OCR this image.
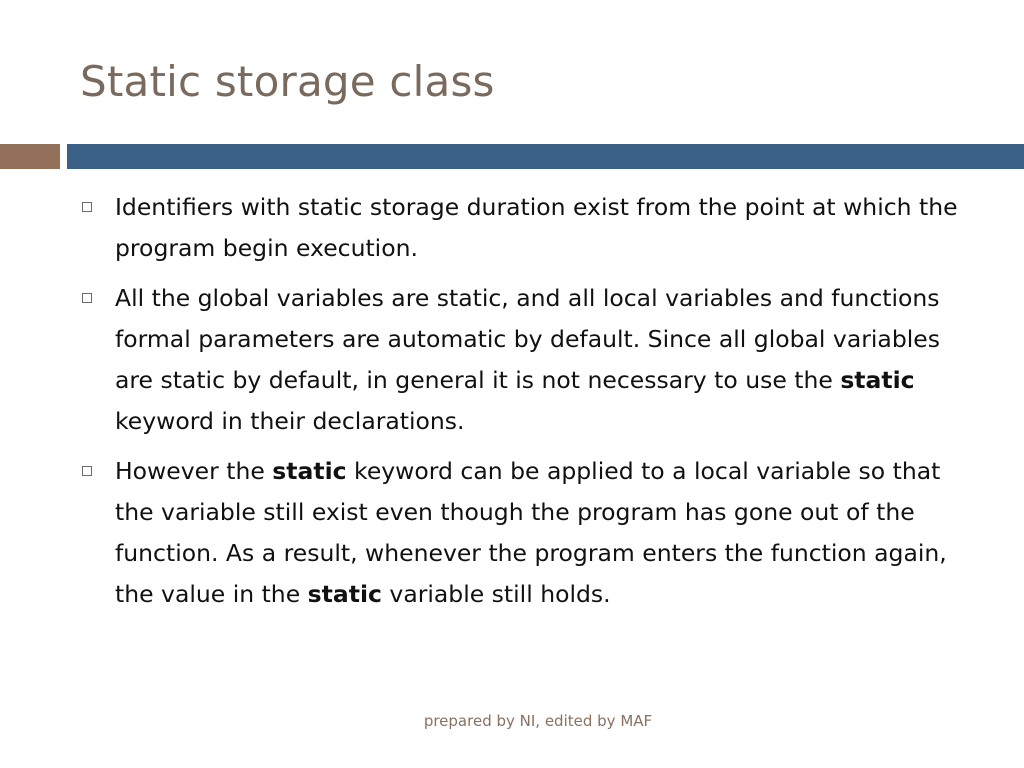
Static storage class
Identifiers with static storage duration exist from the point at which the program begin execution.
All the global variables are static, and all local variables and functions formal parameters are automatic by default. Since all global variables are static by default, in general it is not necessary to use the static keyword in their declarations.
However the static keyword can be applied to a local variable so that the variable still exist even though the program has gone out of the function. As a result, whenever the program enters the function again, the value in the static variable still holds.
prepared by NI, edited by MAF
